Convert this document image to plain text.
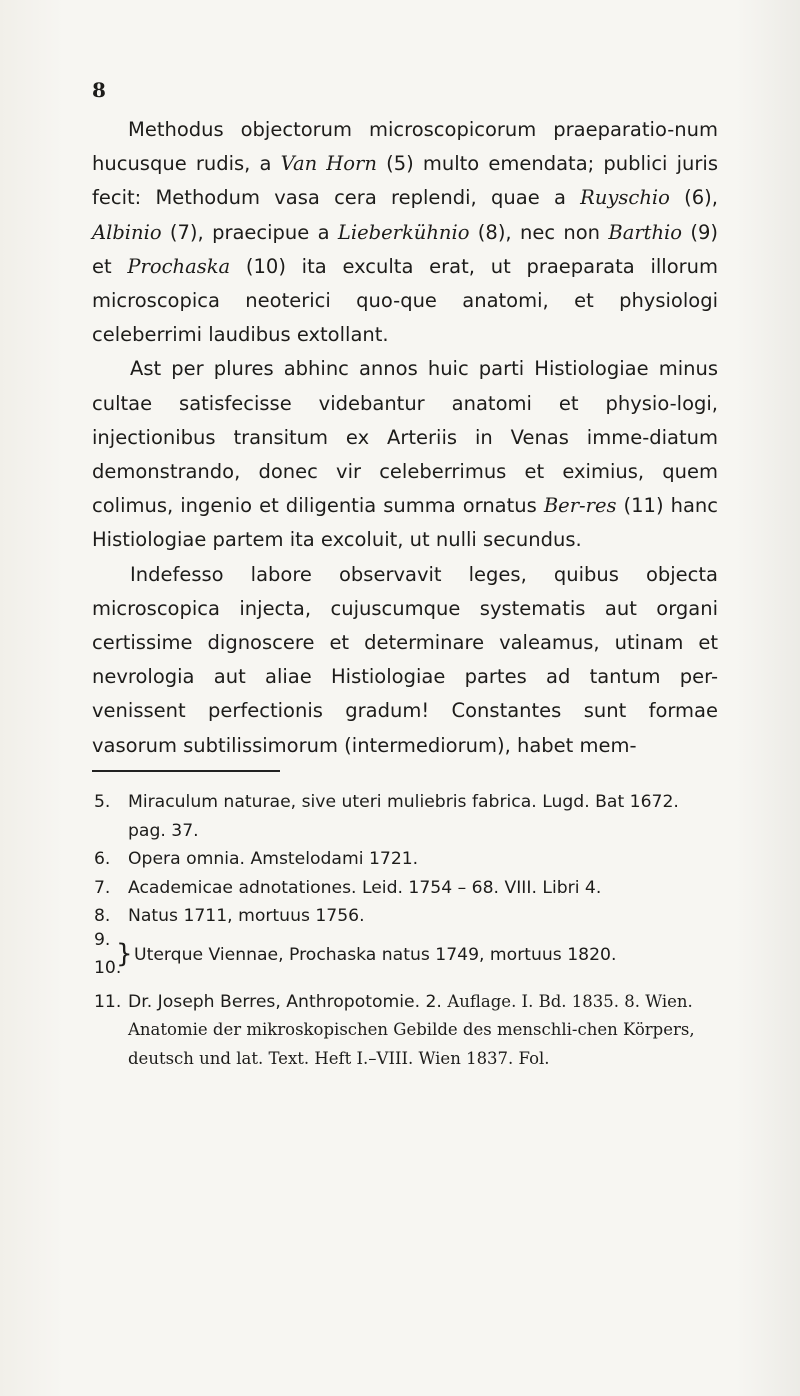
8

Methodus objectorum microscopicorum praeparatio-num hucusque rudis, a Van Horn (5) multo emendata; publici juris fecit: Methodum vasa cera replendi, quae a Ruyschio (6), Albinio (7), praecipue a Lieberkühnio (8), nec non Barthio (9) et Prochaska (10) ita exculta erat, ut praeparata illorum microscopica neoterici quo-que anatomi, et physiologi celeberrimi laudibus extollant.

Ast per plures abhinc annos huic parti Histiologiae minus cultae satisfecisse videbantur anatomi et physio-logi, injectionibus transitum ex Arteriis in Venas imme-diatum demonstrando, donec vir celeberrimus et eximius, quem colimus, ingenio et diligentia summa ornatus Ber-res (11) hanc Histiologiae partem ita excoluit, ut nulli secundus.

Indefesso labore observavit leges, quibus objecta microscopica injecta, cujuscumque systematis aut organi certissime dignoscere et determinare valeamus, utinam et nevrologia aut aliae Histiologiae partes ad tantum per-venissent perfectionis gradum! Constantes sunt formae vasorum subtilissimorum (intermediorum), habet mem-

5.	Miraculum naturae, sive uteri muliebris fabrica. Lugd. Bat 1672. pag. 37.
6.	Opera omnia. Amstelodami 1721.
7.	Academicae adnotationes. Leid. 1754 – 68. VIII. Libri 4.
8.	Natus 1711, mortuus 1756.
9.
10.
} Uterque Viennae, Prochaska natus 1749, mortuus 1820.
11. Dr. Joseph Berres, Anthropotomie. 2. Auflage. I. Bd. 1835. 8. Wien. Anatomie der mikroskopischen Gebilde des menschli-chen Körpers, deutsch und lat. Text. Heft I.–VIII. Wien 1837. Fol.
